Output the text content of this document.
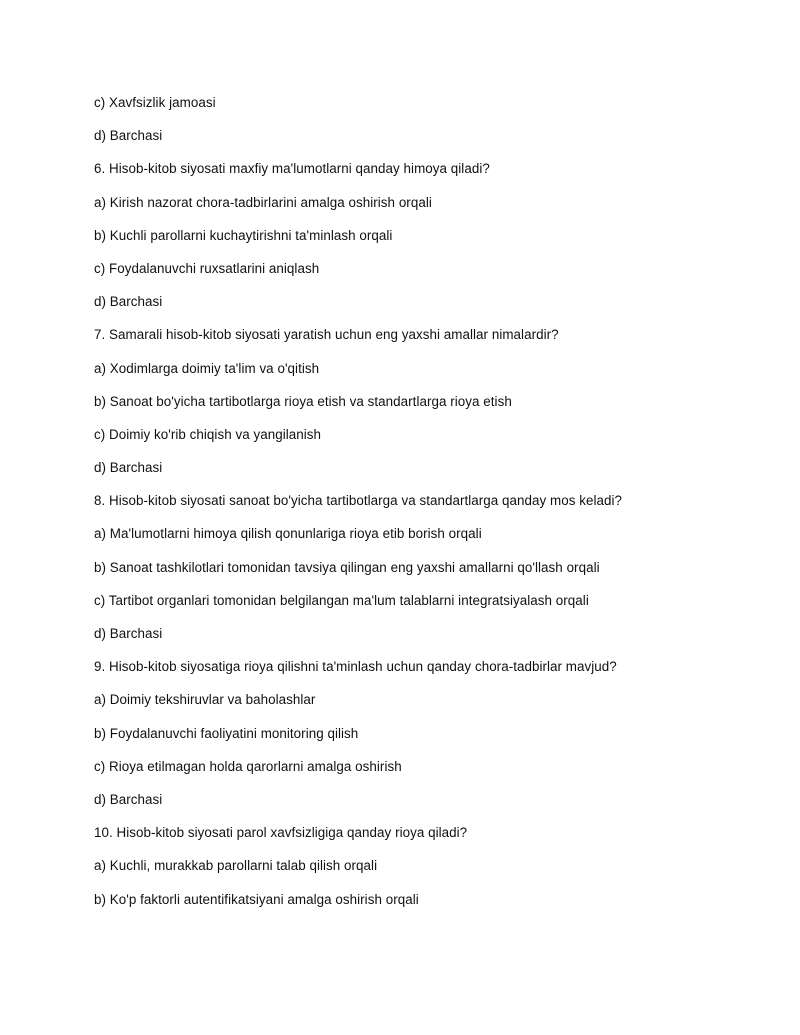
c) Xavfsizlik jamoasi
d) Barchasi
6. Hisob-kitob siyosati maxfiy ma'lumotlarni qanday himoya qiladi?
a) Kirish nazorat chora-tadbirlarini amalga oshirish orqali
b) Kuchli parollarni kuchaytirishni ta'minlash orqali
c) Foydalanuvchi ruxsatlarini aniqlash
d) Barchasi
7. Samarali hisob-kitob siyosati yaratish uchun eng yaxshi amallar nimalardir?
a) Xodimlarga doimiy ta'lim va o'qitish
b) Sanoat bo'yicha tartibotlarga rioya etish va standartlarga rioya etish
c) Doimiy ko'rib chiqish va yangilanish
d) Barchasi
8. Hisob-kitob siyosati sanoat bo'yicha tartibotlarga va standartlarga qanday mos keladi?
a) Ma'lumotlarni himoya qilish qonunlariga rioya etib borish orqali
b) Sanoat tashkilotlari tomonidan tavsiya qilingan eng yaxshi amallarni qo'llash orqali
c) Tartibot organlari tomonidan belgilangan ma'lum talablarni integratsiyalash orqali
d) Barchasi
9. Hisob-kitob siyosatiga rioya qilishni ta'minlash uchun qanday chora-tadbirlar mavjud?
a) Doimiy tekshiruvlar va baholashlar
b) Foydalanuvchi faoliyatini monitoring qilish
c) Rioya etilmagan holda qarorlarni amalga oshirish
d) Barchasi
10. Hisob-kitob siyosati parol xavfsizligiga qanday rioya qiladi?
a) Kuchli, murakkab parollarni talab qilish orqali
b) Ko'p faktorli autentifikatsiyani amalga oshirish orqali
